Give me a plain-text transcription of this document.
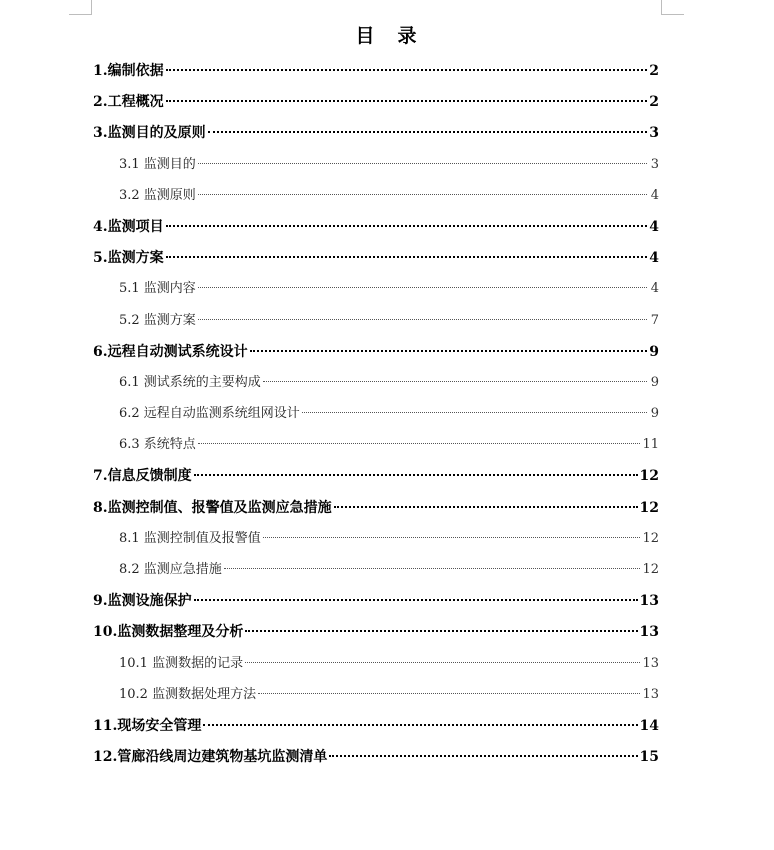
目　录
1.编制依据	2
2.工程概况	2
3.监测目的及原则	3
3.1 监测目的	3
3.2 监测原则	4
4.监测项目	4
5.监测方案	4
5.1 监测内容	4
5.2 监测方案	7
6.远程自动测试系统设计	9
6.1 测试系统的主要构成	9
6.2 远程自动监测系统组网设计	9
6.3 系统特点	11
7.信息反馈制度	12
8.监测控制值、报警值及监测应急措施	12
8.1 监测控制值及报警值	12
8.2 监测应急措施	12
9.监测设施保护	13
10.监测数据整理及分析	13
10.1 监测数据的记录	13
10.2 监测数据处理方法	13
11.现场安全管理	14
12.管廊沿线周边建筑物基坑监测清单	15
